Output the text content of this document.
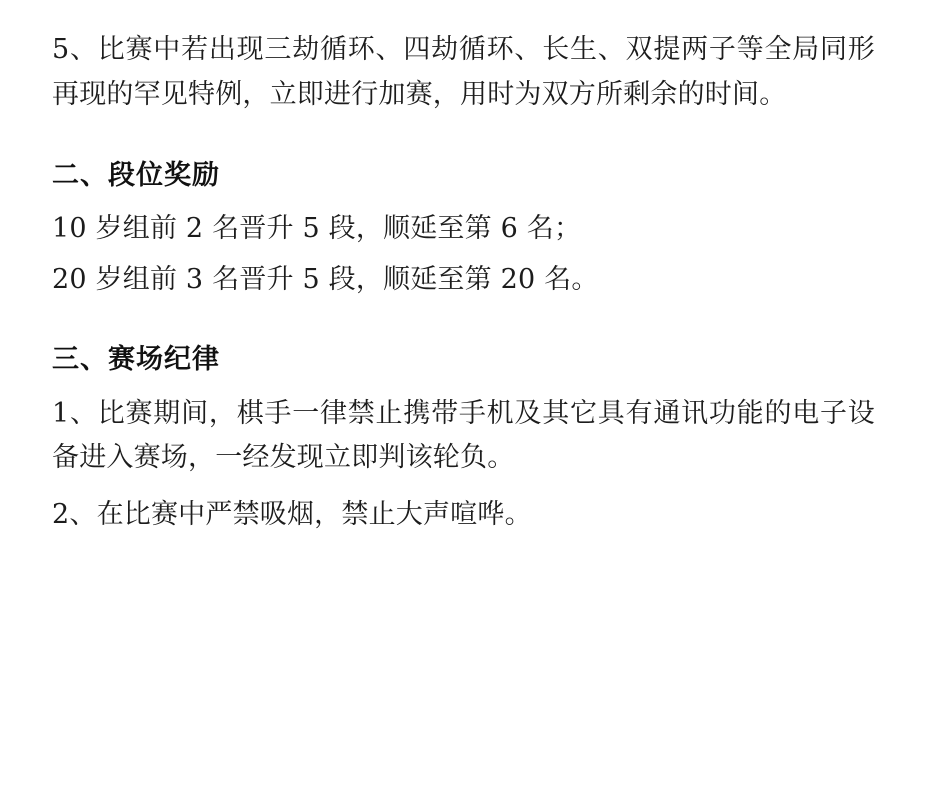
5、比赛中若出现三劫循环、四劫循环、长生、双提两子等全局同形再现的罕见特例，立即进行加赛，用时为双方所剩余的时间。

二、段位奖励

10 岁组前 2 名晋升 5 段，顺延至第 6 名；

20 岁组前 3 名晋升 5 段，顺延至第 20 名。

三、赛场纪律

1、比赛期间，棋手一律禁止携带手机及其它具有通讯功能的电子设备进入赛场，一经发现立即判该轮负。

2、在比赛中严禁吸烟，禁止大声喧哗。
